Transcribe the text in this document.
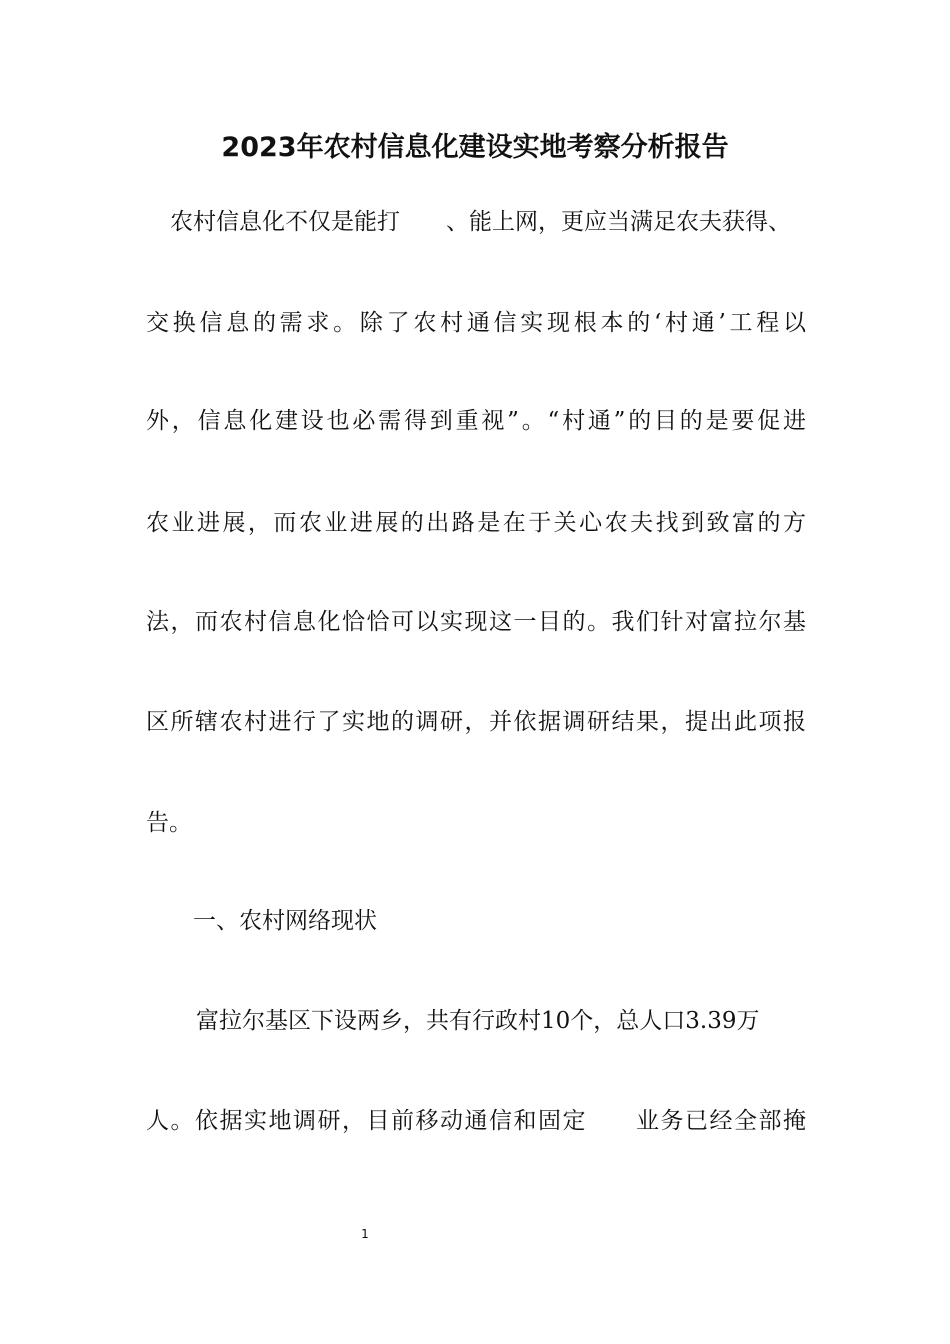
2023年农村信息化建设实地考察分析报告

农村信息化不仅是能打　　、能上网，更应当满足农夫获得、

交换信息的需求。除了农村通信实现根本的‘村通’工程以

外，信息化建设也必需得到重视”。“村通”的目的是要促进

农业进展，而农业进展的出路是在于关心农夫找到致富的方

法，而农村信息化恰恰可以实现这一目的。我们针对富拉尔基

区所辖农村进行了实地的调研，并依据调研结果，提出此项报

告。

一、农村网络现状

富拉尔基区下设两乡，共有行政村10个，总人口3.39万

人。依据实地调研，目前移动通信和固定　　业务已经全部掩

1
